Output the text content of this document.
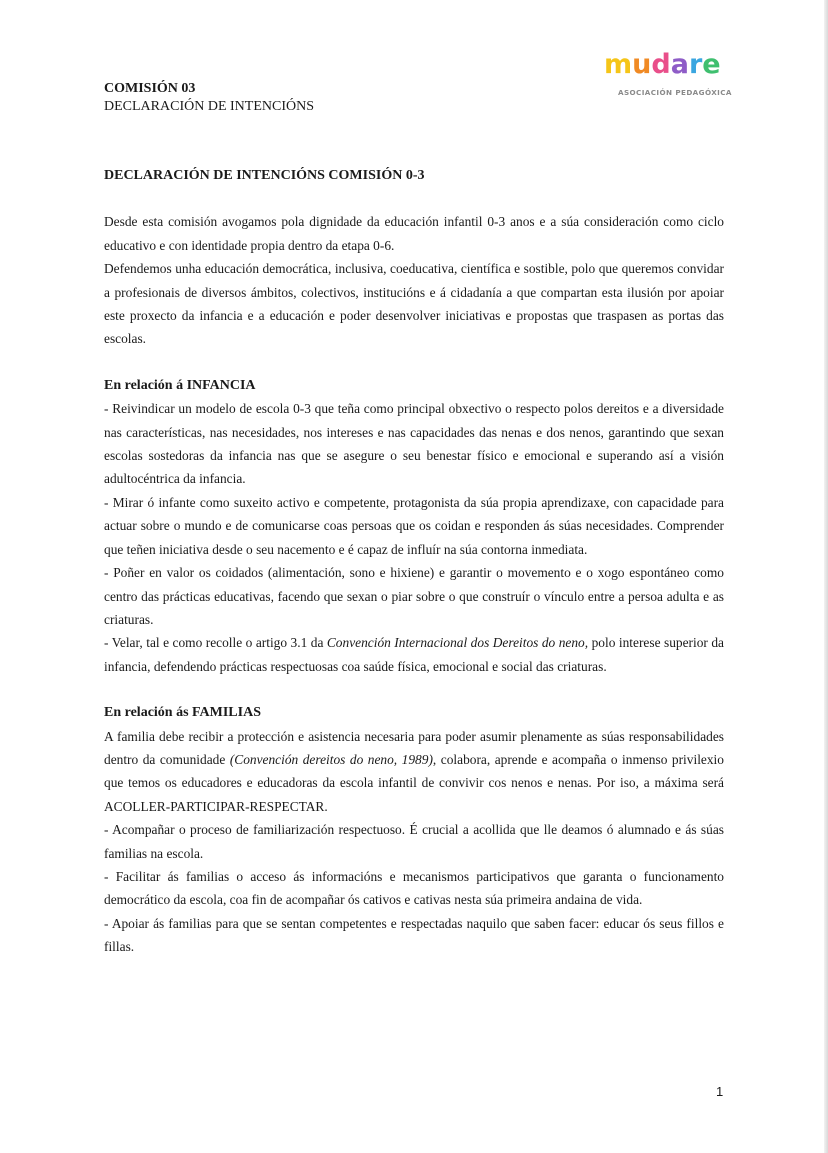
COMISIÓN 03
DECLARACIÓN DE INTENCIÓNS
mudare
ASOCIACIÓN PEDAGÓXICA
DECLARACIÓN DE INTENCIÓNS COMISIÓN 0-3

Desde esta comisión avogamos pola dignidade da educación infantil 0-3 anos e a súa consideración como ciclo educativo e con identidade propia dentro da etapa 0-6.

Defendemos unha educación democrática, inclusiva, coeducativa, científica e sostible, polo que queremos convidar a profesionais de diversos ámbitos, colectivos, institucións e á cidadanía a que compartan esta ilusión por apoiar este proxecto da infancia e a educación e poder desenvolver iniciativas e propostas que traspasen as portas das escolas.

En relación á INFANCIA

- Reivindicar un modelo de escola 0-3 que teña como principal obxectivo o respecto polos dereitos e a diversidade nas características, nas necesidades, nos intereses e nas capacidades das nenas e dos nenos, garantindo que sexan escolas sostedoras da infancia nas que se asegure o seu benestar físico e emocional e superando así a visión adultocéntrica da infancia.

- Mirar ó infante como suxeito activo e competente, protagonista da súa propia aprendizaxe, con capacidade para actuar sobre o mundo e de comunicarse coas persoas que os coidan e responden ás súas necesidades. Comprender que teñen iniciativa desde o seu nacemento e é capaz de influír na súa contorna inmediata.

- Poñer en valor os coidados (alimentación, sono e hixiene) e garantir o movemento e o xogo espontáneo como centro das prácticas educativas, facendo que sexan o piar sobre o que construír o vínculo entre a persoa adulta e as criaturas.

- Velar, tal e como recolle o artigo 3.1 da Convención Internacional dos Dereitos do neno, polo interese superior da infancia, defendendo prácticas respectuosas coa saúde física, emocional e social das criaturas.

En relación ás FAMILIAS

A familia debe recibir a protección e asistencia necesaria para poder asumir plenamente as súas responsabilidades dentro da comunidade (Convención dereitos do neno, 1989), colabora, aprende e acompaña o inmenso privilexio que temos os educadores e educadoras da escola infantil de convivir cos nenos e nenas. Por iso, a máxima será ACOLLER-PARTICIPAR-RESPECTAR.

- Acompañar o proceso de familiarización respectuoso. É crucial a acollida que lle deamos ó alumnado e ás súas familias na escola.

- Facilitar ás familias o acceso ás informacións e mecanismos participativos que garanta o funcionamento democrático da escola, coa fin de acompañar ós cativos e cativas nesta súa primeira andaina de vida.

- Apoiar ás familias para que se sentan competentes e respectadas naquilo que saben facer: educar ós seus fillos e fillas.

1
